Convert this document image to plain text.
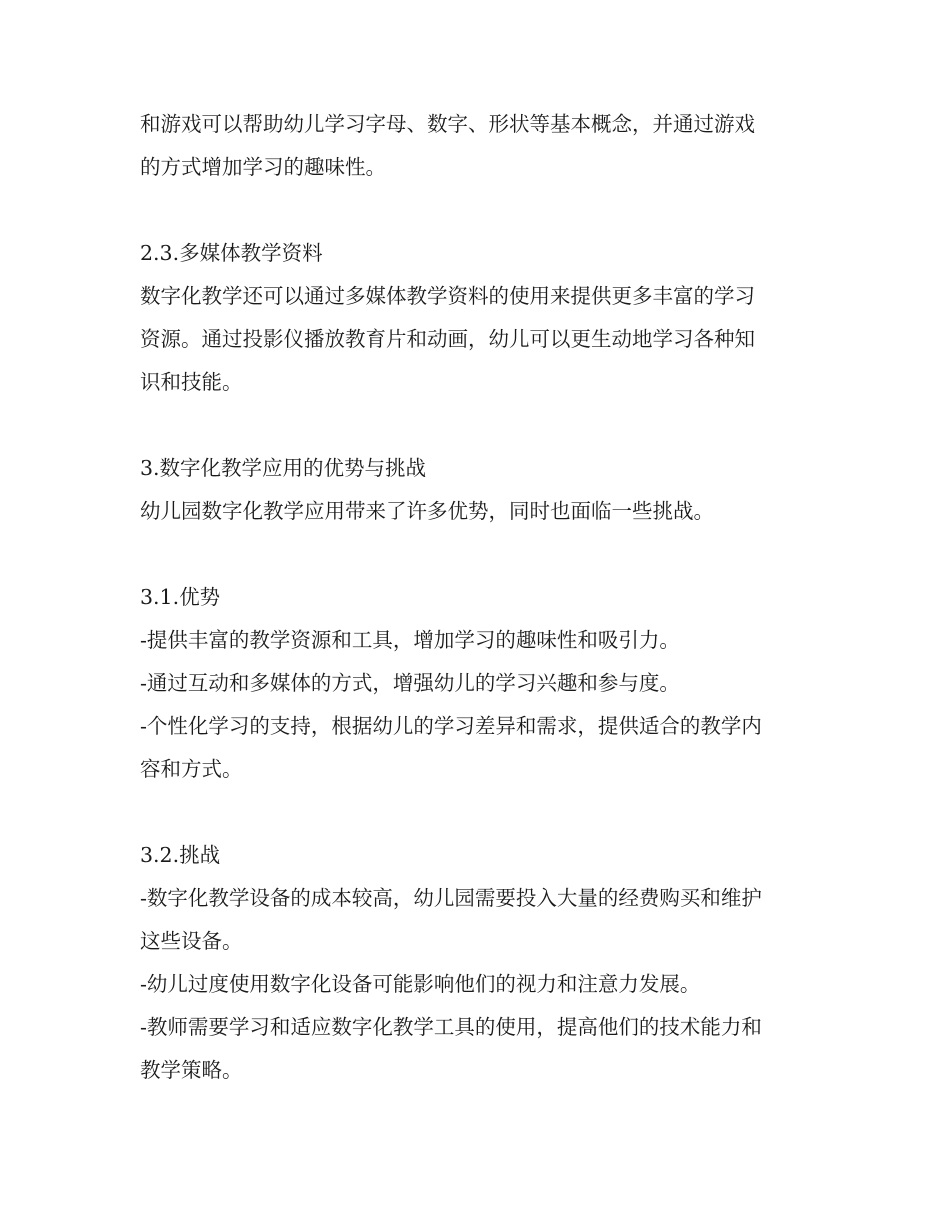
和游戏可以帮助幼儿学习字母、数字、形状等基本概念，并通过游戏

的方式增加学习的趣味性。

2.3.多媒体教学资料

数字化教学还可以通过多媒体教学资料的使用来提供更多丰富的学习

资源。通过投影仪播放教育片和动画，幼儿可以更生动地学习各种知

识和技能。

3.数字化教学应用的优势与挑战

幼儿园数字化教学应用带来了许多优势，同时也面临一些挑战。

3.1.优势

-提供丰富的教学资源和工具，增加学习的趣味性和吸引力。

-通过互动和多媒体的方式，增强幼儿的学习兴趣和参与度。

-个性化学习的支持，根据幼儿的学习差异和需求，提供适合的教学内

容和方式。

3.2.挑战

-数字化教学设备的成本较高，幼儿园需要投入大量的经费购买和维护

这些设备。

-幼儿过度使用数字化设备可能影响他们的视力和注意力发展。

-教师需要学习和适应数字化教学工具的使用，提高他们的技术能力和

教学策略。
